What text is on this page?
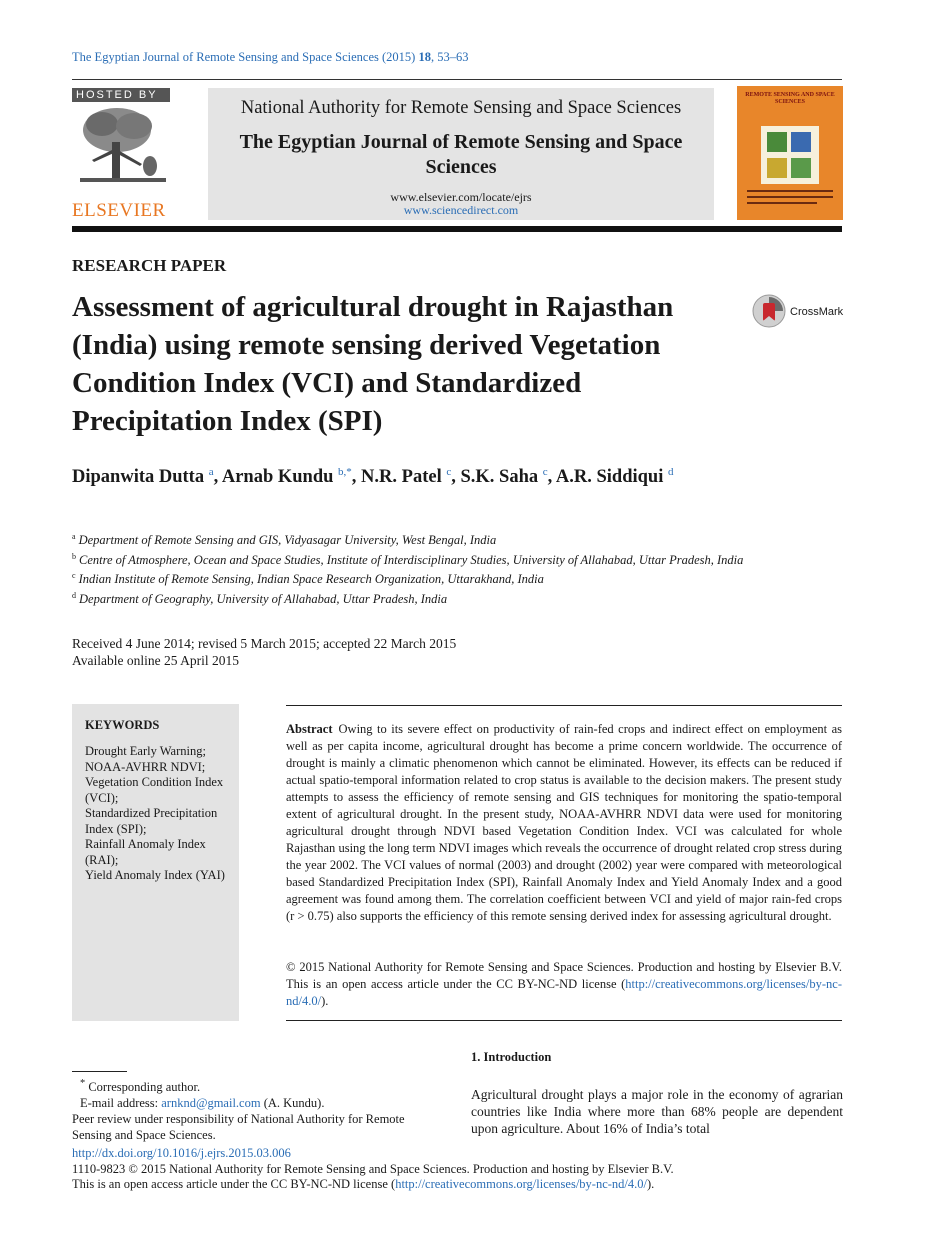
The Egyptian Journal of Remote Sensing and Space Sciences (2015) 18, 53–63
HOSTED BY
ELSEVIER
National Authority for Remote Sensing and Space Sciences
The Egyptian Journal of Remote Sensing and Space Sciences
www.elsevier.com/locate/ejrs
www.sciencedirect.com
REMOTE SENSING AND SPACE SCIENCES
RESEARCH PAPER
Assessment of agricultural drought in Rajasthan (India) using remote sensing derived Vegetation Condition Index (VCI) and Standardized Precipitation Index (SPI)
CrossMark
Dipanwita Dutta $^a$, Arnab Kundu $^{b,*}$, N.R. Patel $^c$, S.K. Saha $^c$, A.R. Siddiqui $^d$
$^a$ Department of Remote Sensing and GIS, Vidyasagar University, West Bengal, India
$^b$ Centre of Atmosphere, Ocean and Space Studies, Institute of Interdisciplinary Studies, University of Allahabad, Uttar Pradesh, India
$^c$ Indian Institute of Remote Sensing, Indian Space Research Organization, Uttarakhand, India
$^d$ Department of Geography, University of Allahabad, Uttar Pradesh, India
Received 4 June 2014; revised 5 March 2015; accepted 22 March 2015
Available online 25 April 2015
KEYWORDS
Drought Early Warning;
NOAA-AVHRR NDVI;
Vegetation Condition Index (VCI);
Standardized Precipitation Index (SPI);
Rainfall Anomaly Index (RAI);
Yield Anomaly Index (YAI)
Abstract Owing to its severe effect on productivity of rain-fed crops and indirect effect on employment as well as per capita income, agricultural drought has become a prime concern worldwide. The occurrence of drought is mainly a climatic phenomenon which cannot be eliminated. However, its effects can be reduced if actual spatio-temporal information related to crop status is available to the decision makers. The present study attempts to assess the efficiency of remote sensing and GIS techniques for monitoring the spatio-temporal extent of agricultural drought. In the present study, NOAA-AVHRR NDVI data were used for monitoring agricultural drought through NDVI based Vegetation Condition Index. VCI was calculated for whole Rajasthan using the long term NDVI images which reveals the occurrence of drought related crop stress during the year 2002. The VCI values of normal (2003) and drought (2002) year were compared with meteorological based Standardized Precipitation Index (SPI), Rainfall Anomaly Index and Yield Anomaly Index and a good agreement was found among them. The correlation coefficient between VCI and yield of major rain-fed crops (r > 0.75) also supports the efficiency of this remote sensing derived index for assessing agricultural drought.
© 2015 National Authority for Remote Sensing and Space Sciences. Production and hosting by Elsevier B.V. This is an open access article under the CC BY-NC-ND license (http://creativecommons.org/licenses/by-nc-nd/4.0/).
1. Introduction
Agricultural drought plays a major role in the economy of agrarian countries like India where more than 68% people are dependent upon agriculture. About 16% of India’s total
* Corresponding author.
E-mail address: arnknd@gmail.com (A. Kundu).
Peer review under responsibility of National Authority for Remote Sensing and Space Sciences.
http://dx.doi.org/10.1016/j.ejrs.2015.03.006
1110-9823 © 2015 National Authority for Remote Sensing and Space Sciences. Production and hosting by Elsevier B.V.
This is an open access article under the CC BY-NC-ND license (http://creativecommons.org/licenses/by-nc-nd/4.0/).
